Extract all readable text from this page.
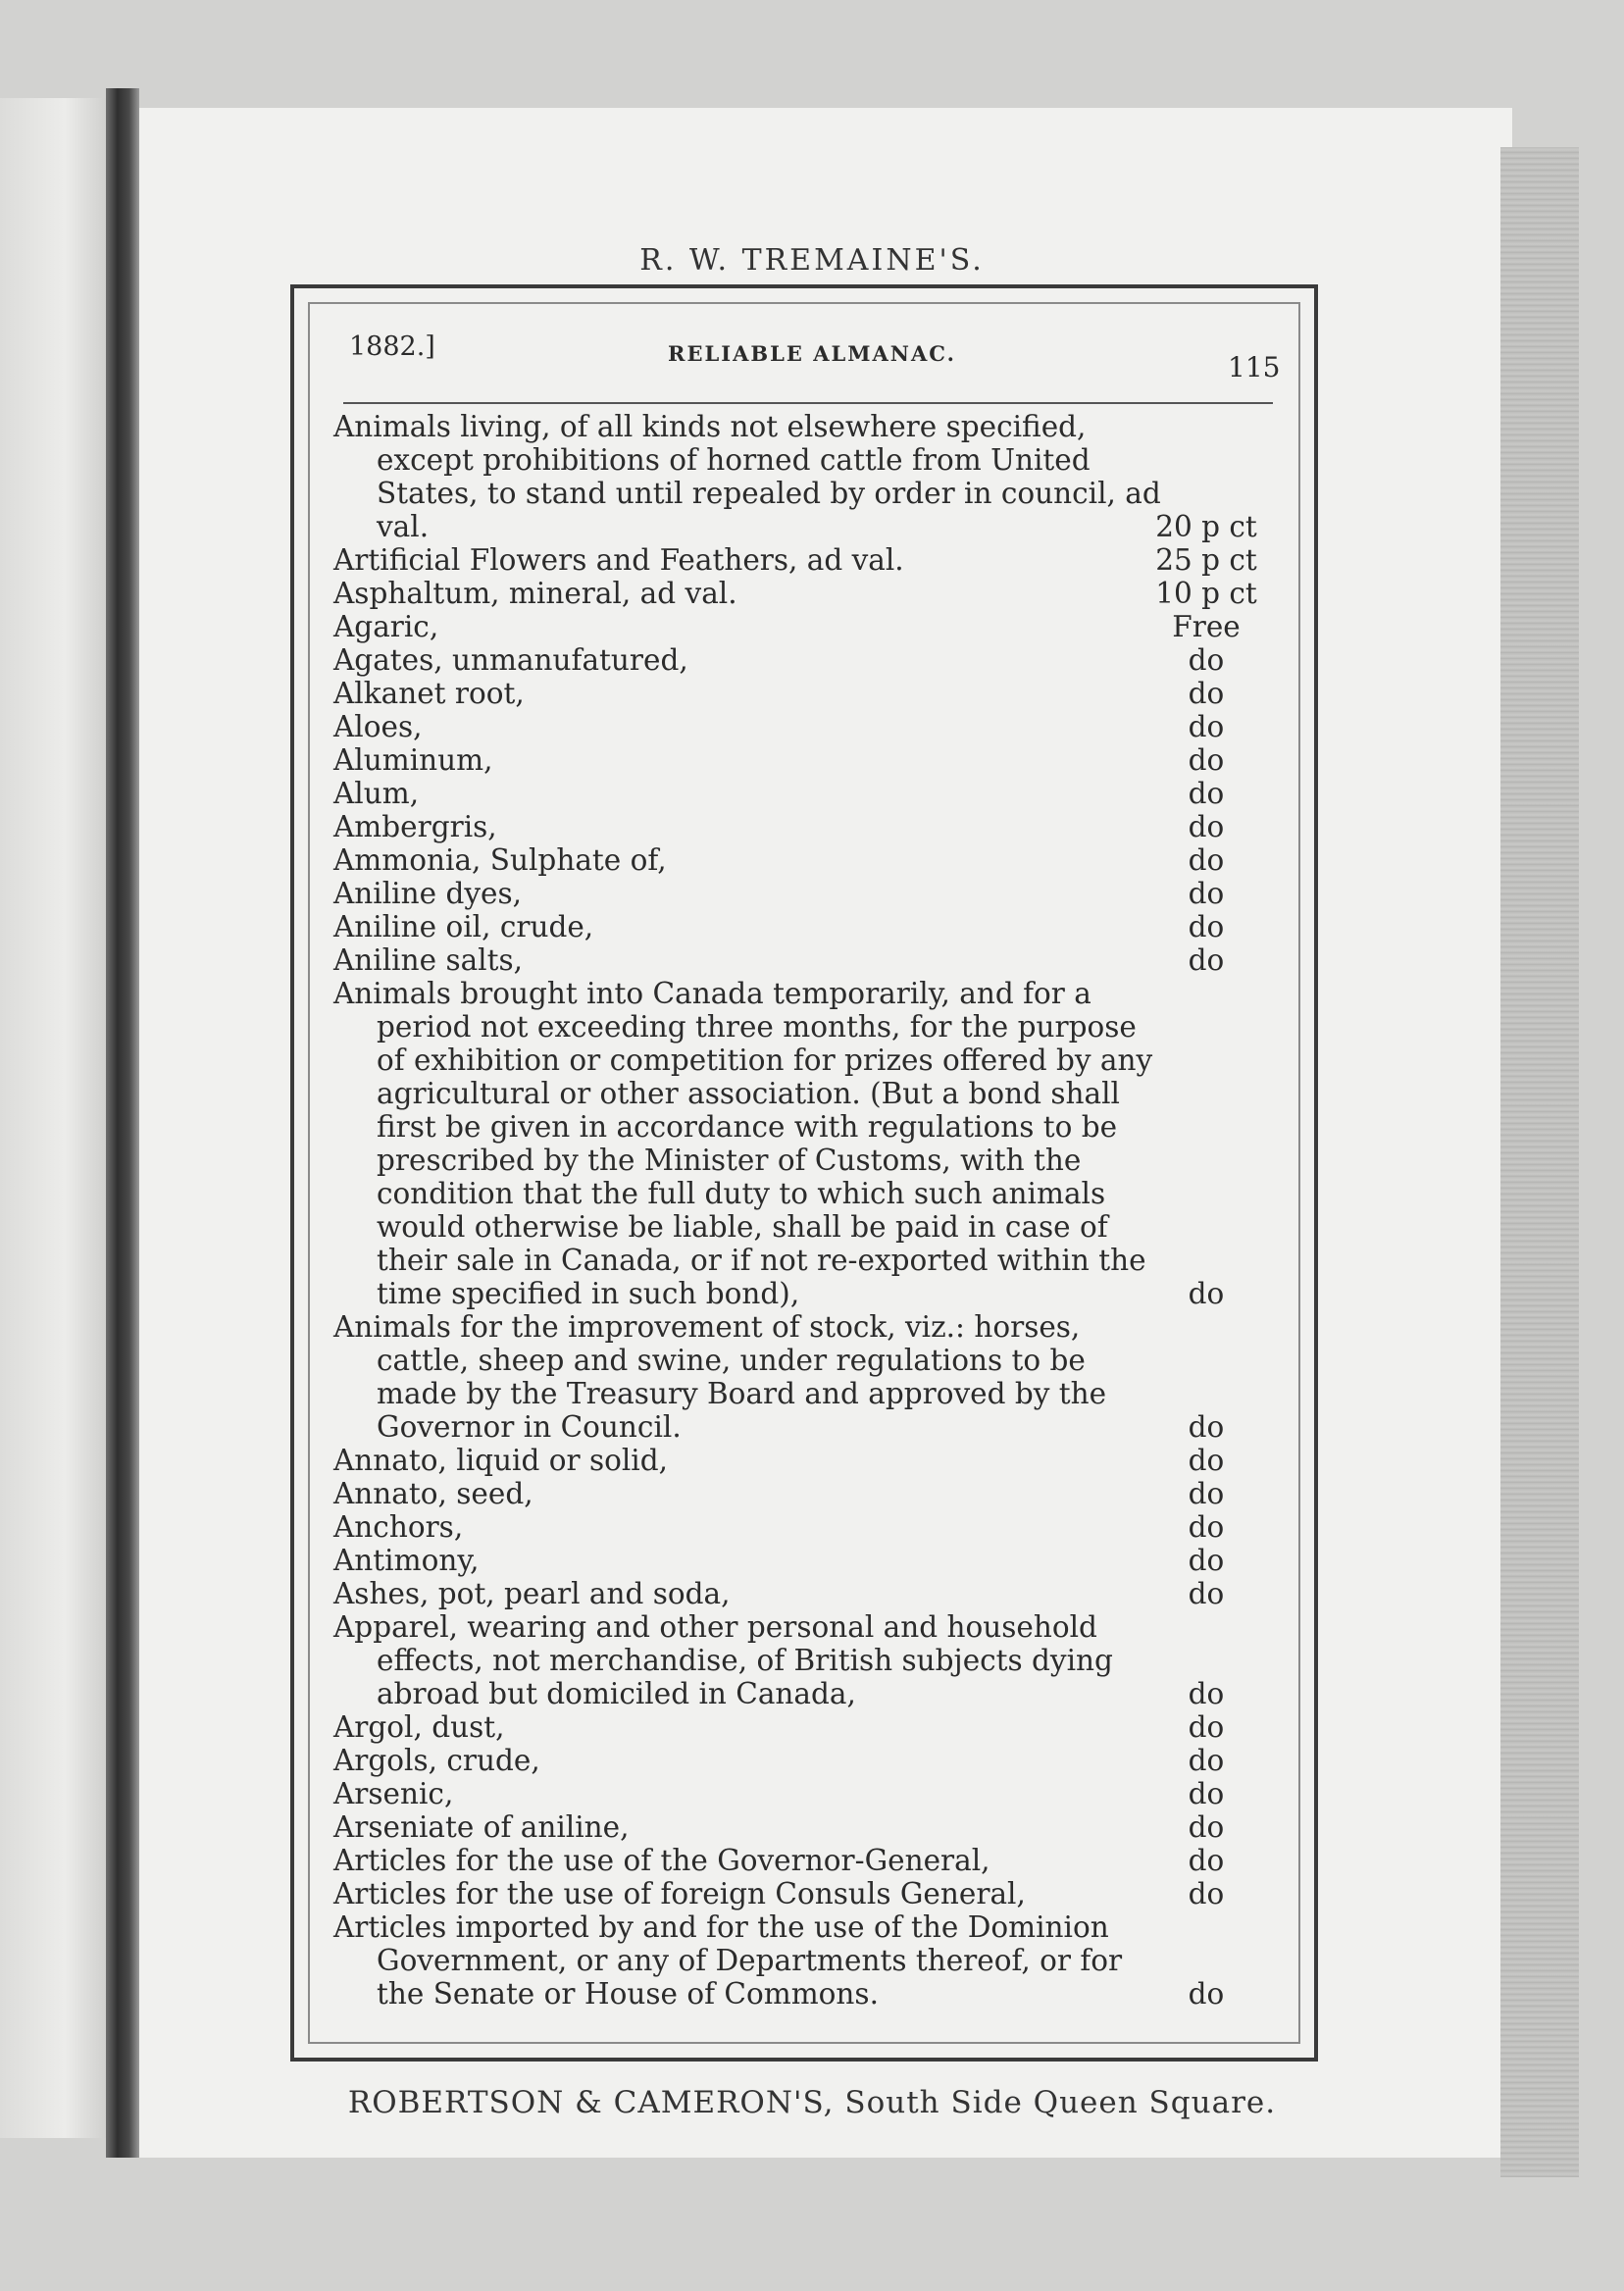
R. W. TREMAINE'S.
1882.]	RELIABLE ALMANAC.	115
Animals living, of all kinds not elsewhere specified, except prohibitions of horned cattle from United States, to stand until repealed by order in council, ad val.	20 p ct
Artificial Flowers and Feathers, ad val.	25 p ct
Asphaltum, mineral, ad val.	10 p ct
Agaric,	Free
Agates, unmanufatured,	do
Alkanet root,	do
Aloes,	do
Aluminum,	do
Alum,	do
Ambergris,	do
Ammonia, Sulphate of,	do
Aniline dyes,	do
Aniline oil, crude,	do
Aniline salts,	do
Animals brought into Canada temporarily, and for a period not exceeding three months, for the purpose of exhibition or competition for prizes offered by any agricultural or other association. (But a bond shall first be given in accordance with regulations to be prescribed by the Minister of Customs, with the condition that the full duty to which such animals would otherwise be liable, shall be paid in case of their sale in Canada, or if not re-exported within the time specified in such bond),	do
Animals for the improvement of stock, viz.: horses, cattle, sheep and swine, under regulations to be made by the Treasury Board and approved by the Governor in Council.	do
Annato, liquid or solid,	do
Annato, seed,	do
Anchors,	do
Antimony,	do
Ashes, pot, pearl and soda,	do
Apparel, wearing and other personal and household effects, not merchandise, of British subjects dying abroad but domiciled in Canada,	do
Argol, dust,	do
Argols, crude,	do
Arsenic,	do
Arseniate of aniline,	do
Articles for the use of the Governor-General,	do
Articles for the use of foreign Consuls General,	do
Articles imported by and for the use of the Dominion Government, or any of Departments thereof, or for the Senate or House of Commons.	do
ROBERTSON & CAMERON'S, South Side Queen Square.
